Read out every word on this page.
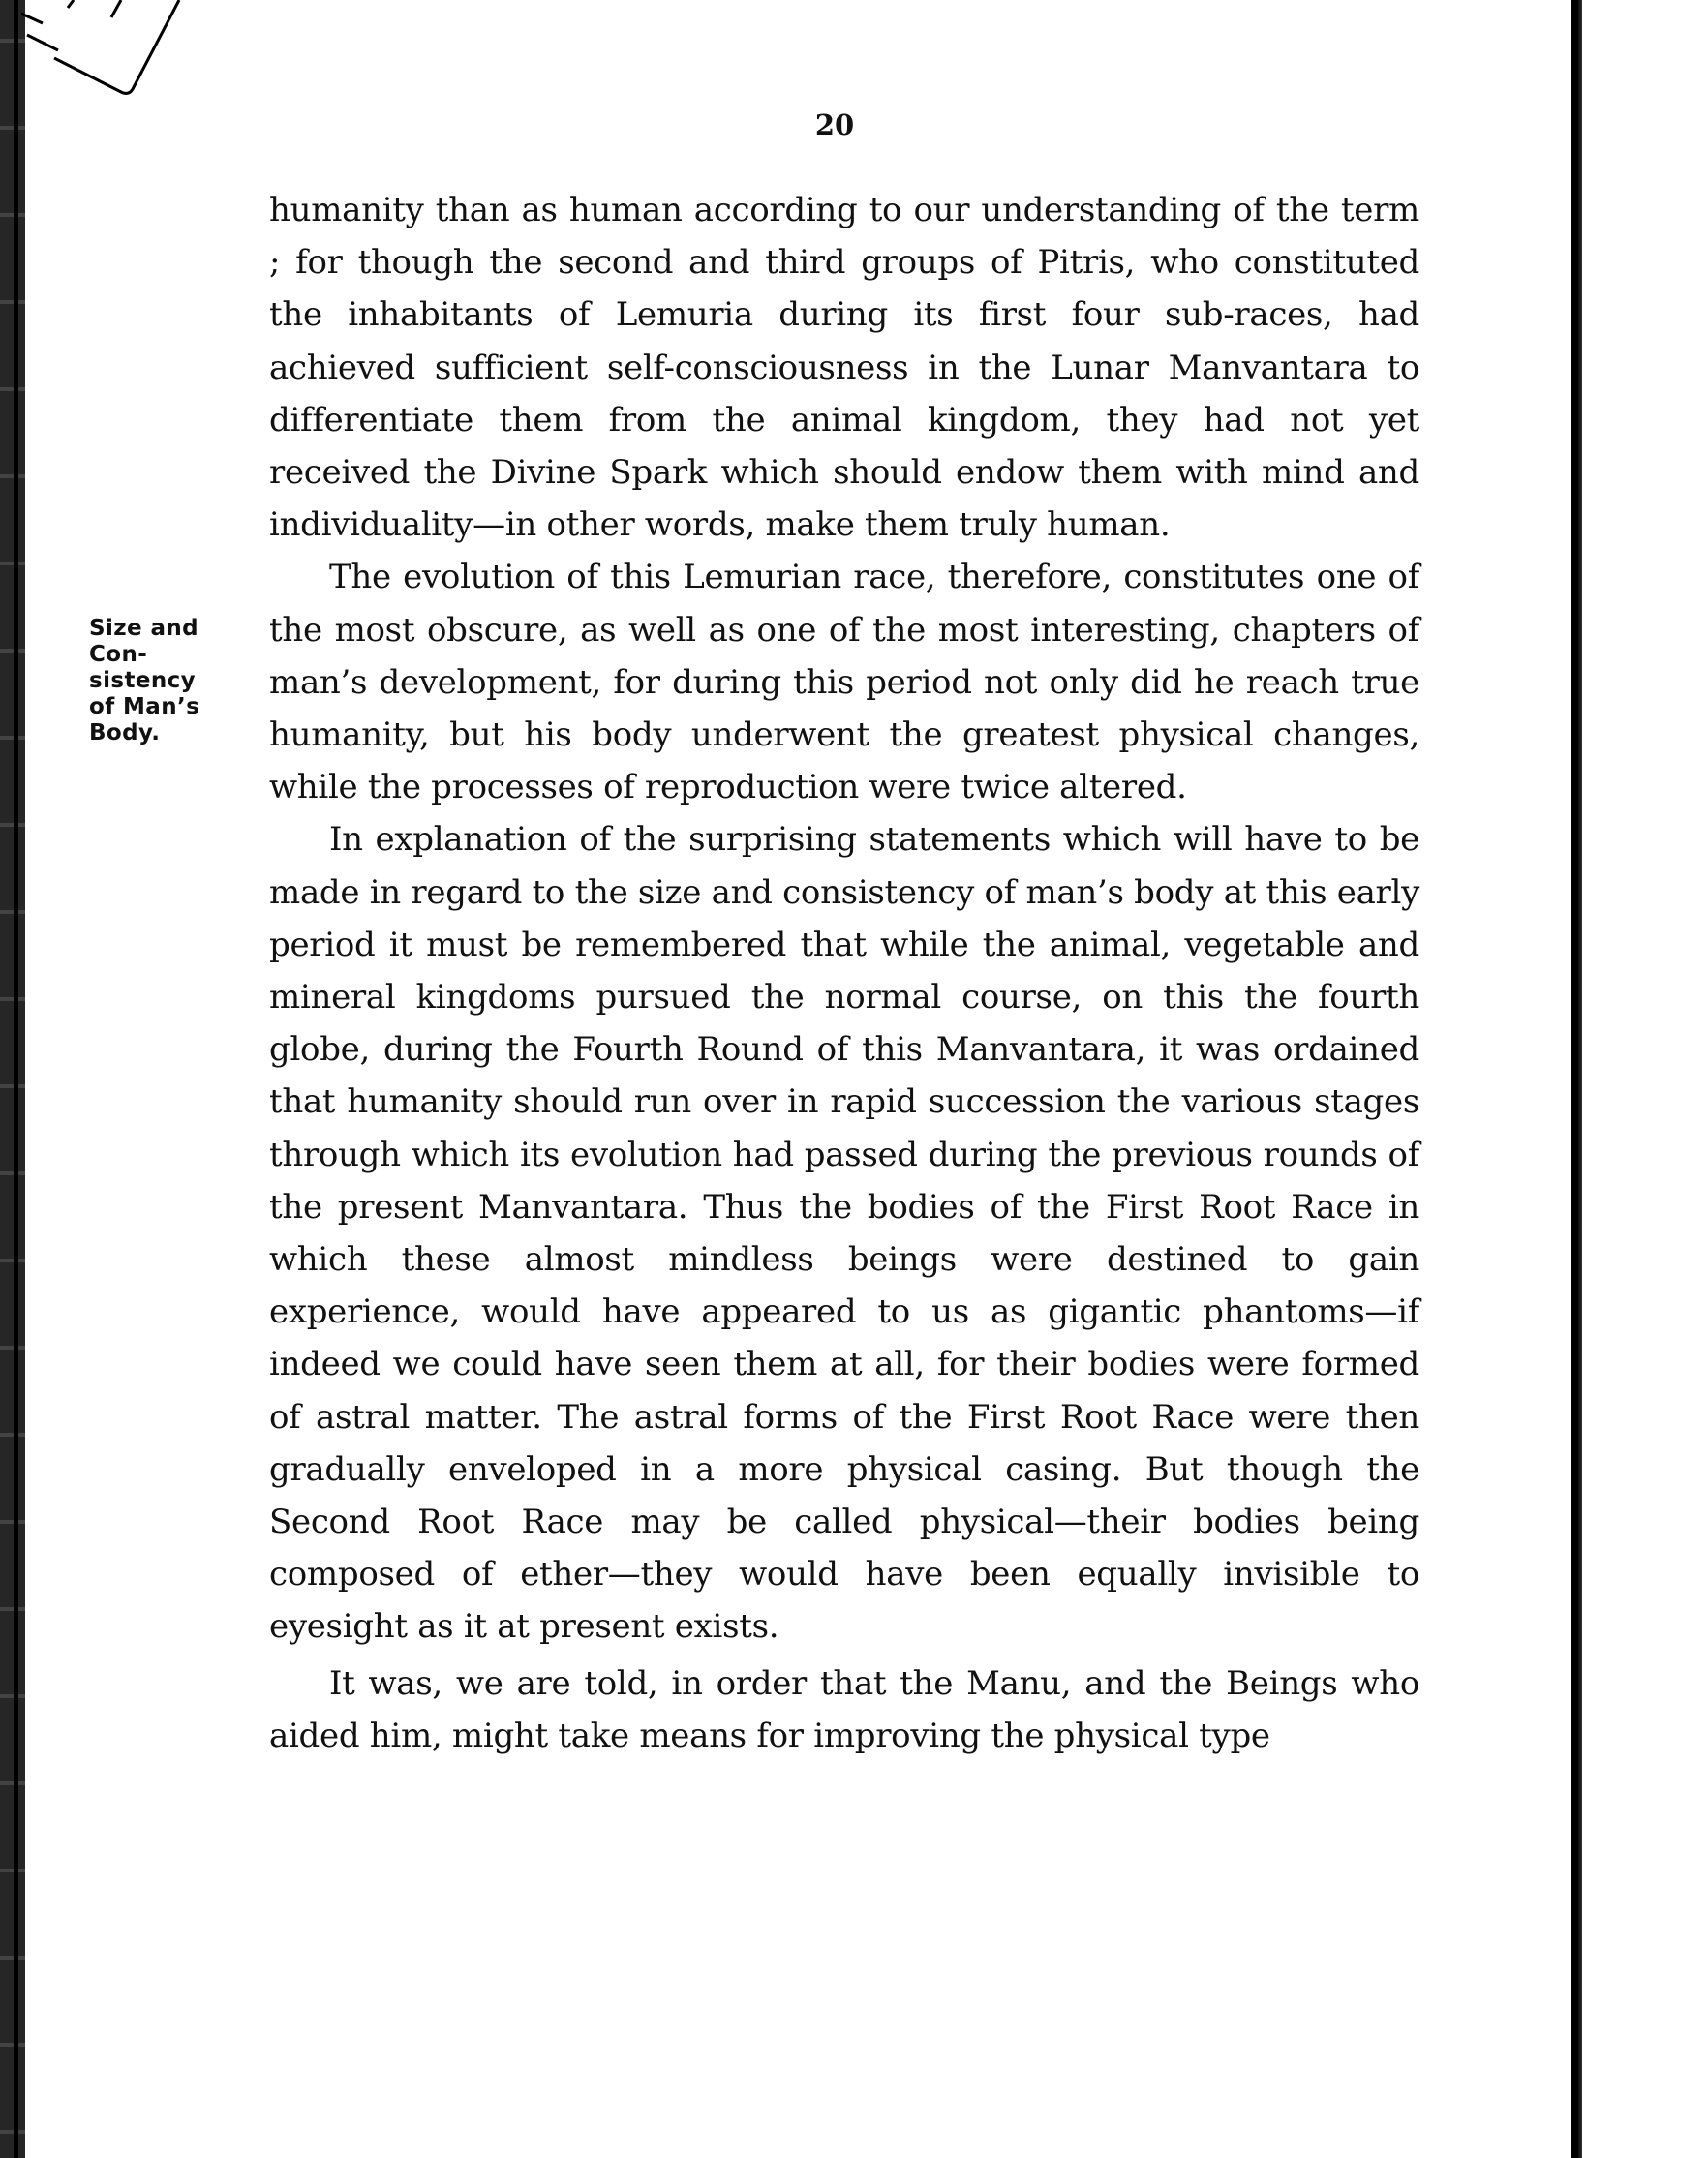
20
Size and
Con-
sistency
of Man’s
Body.

humanity than as human according to our understanding of the term ; for though the second and third groups of Pitris, who constituted the inhabitants of Lemuria during its first four sub-races, had achieved sufficient self-consciousness in the Lunar Manvantara to differentiate them from the animal kingdom, they had not yet received the Divine Spark which should endow them with mind and individuality—in other words, make them truly human.

The evolution of this Lemurian race, therefore, constitutes one of the most obscure, as well as one of the most interesting, chapters of man’s development, for during this period not only did he reach true humanity, but his body underwent the greatest physical changes, while the processes of reproduction were twice altered.

In explanation of the surprising statements which will have to be made in regard to the size and consistency of man’s body at this early period it must be remembered that while the animal, vegetable and mineral kingdoms pursued the normal course, on this the fourth globe, during the Fourth Round of this Manvantara, it was ordained that humanity should run over in rapid succession the various stages through which its evolution had passed during the previous rounds of the present Manvantara. Thus the bodies of the First Root Race in which these almost mindless beings were destined to gain experience, would have appeared to us as gigantic phantoms—if indeed we could have seen them at all, for their bodies were formed of astral matter. The astral forms of the First Root Race were then gradually enveloped in a more physical casing. But though the Second Root Race may be called physical—their bodies being composed of ether—they would have been equally invisible to eyesight as it at present exists.

It was, we are told, in order that the Manu, and the Beings who aided him, might take means for improving the physical type
